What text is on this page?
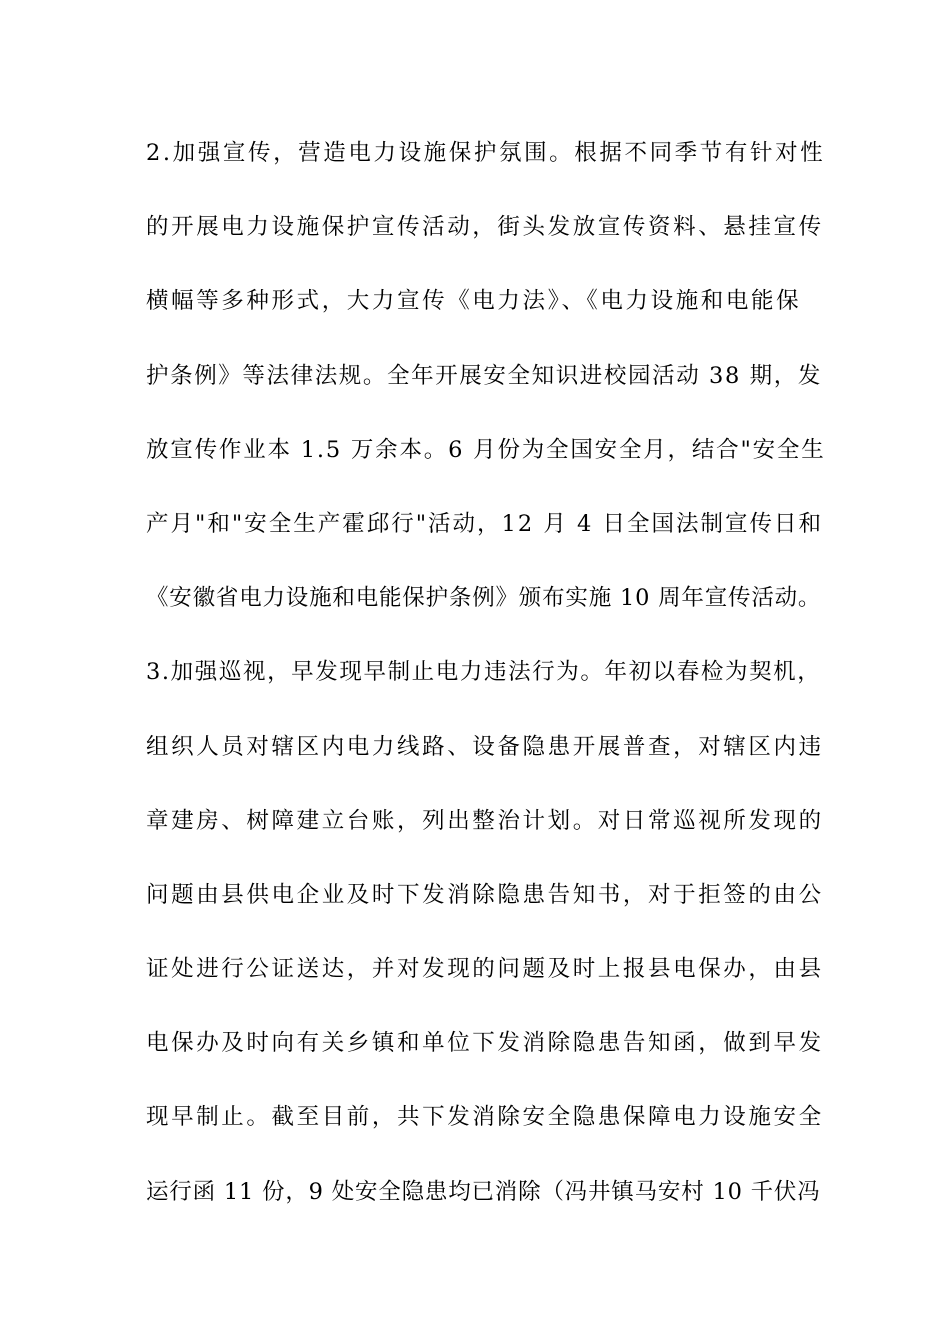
2.加强宣传，营造电力设施保护氛围。根据不同季节有针对性
的开展电力设施保护宣传活动，街头发放宣传资料、悬挂宣传
横幅等多种形式，大力宣传《电力法》、《电力设施和电能保
护条例》等法律法规。全年开展安全知识进校园活动 38 期，发
放宣传作业本 1.5 万余本。6 月份为全国安全月，结合"安全生
产月"和"安全生产霍邱行"活动，12 月 4 日全国法制宣传日和
《安徽省电力设施和电能保护条例》颁布实施 10 周年宣传活动。
3.加强巡视，早发现早制止电力违法行为。年初以春检为契机，
组织人员对辖区内电力线路、设备隐患开展普查，对辖区内违
章建房、树障建立台账，列出整治计划。对日常巡视所发现的
问题由县供电企业及时下发消除隐患告知书，对于拒签的由公
证处进行公证送达，并对发现的问题及时上报县电保办，由县
电保办及时向有关乡镇和单位下发消除隐患告知函，做到早发
现早制止。截至目前，共下发消除安全隐患保障电力设施安全
运行函 11 份，9 处安全隐患均已消除（冯井镇马安村 10 千伏冯
